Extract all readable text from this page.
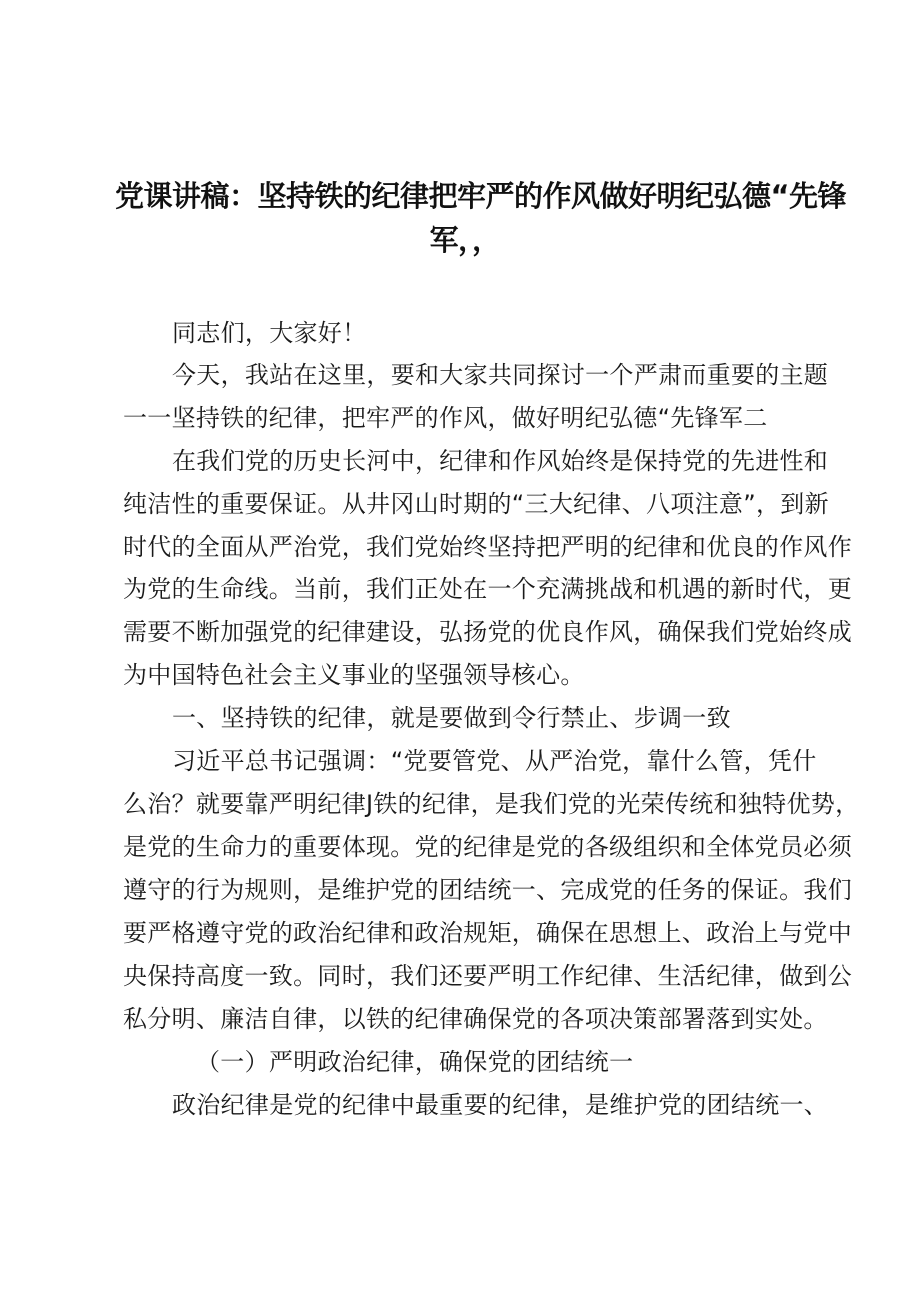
党课讲稿：坚持铁的纪律把牢严的作风做好明纪弘德“先锋
军，，
同志们，大家好！
今天，我站在这里，要和大家共同探讨一个严肃而重要的主题
一一坚持铁的纪律，把牢严的作风，做好明纪弘德“先锋军二
在我们党的历史长河中，纪律和作风始终是保持党的先进性和
纯洁性的重要保证。从井冈山时期的“三大纪律、八项注意”，到新
时代的全面从严治党，我们党始终坚持把严明的纪律和优良的作风作
为党的生命线。当前，我们正处在一个充满挑战和机遇的新时代，更
需要不断加强党的纪律建设，弘扬党的优良作风，确保我们党始终成
为中国特色社会主义事业的坚强领导核心。
一、坚持铁的纪律，就是要做到令行禁止、步调一致
习近平总书记强调：“党要管党、从严治党，靠什么管，凭什
么治？就要靠严明纪律J铁的纪律，是我们党的光荣传统和独特优势，
是党的生命力的重要体现。党的纪律是党的各级组织和全体党员必须
遵守的行为规则，是维护党的团结统一、完成党的任务的保证。我们
要严格遵守党的政治纪律和政治规矩，确保在思想上、政治上与党中
央保持高度一致。同时，我们还要严明工作纪律、生活纪律，做到公
私分明、廉洁自律，以铁的纪律确保党的各项决策部署落到实处。
（一）严明政治纪律，确保党的团结统一
政治纪律是党的纪律中最重要的纪律，是维护党的团结统一、
